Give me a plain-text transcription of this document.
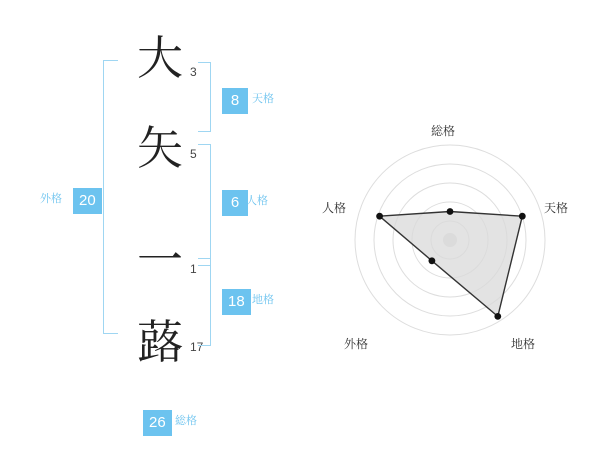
大 3
矢 5
一 1
蕗 17
20
外格
8	天格
6 人格
18 地格
26 総格
総格
天格
地格
外格
人格
